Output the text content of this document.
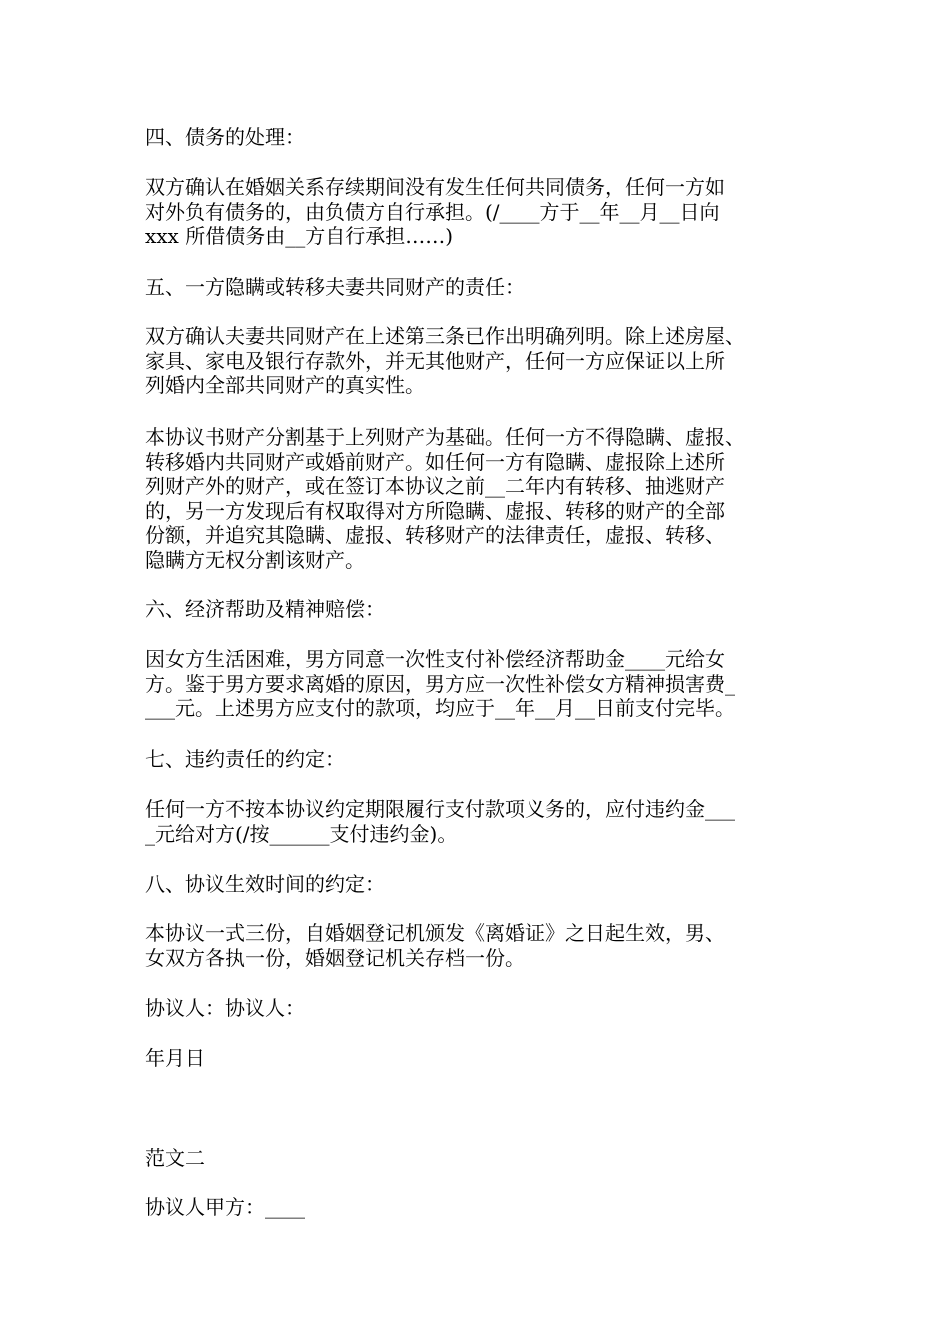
四、债务的处理：
双方确认在婚姻关系存续期间没有发生任何共同债务，任何一方如
对外负有债务的，由负债方自行承担。(/____方于__年__月__日向
xxx 所借债务由__方自行承担……)
五、一方隐瞒或转移夫妻共同财产的责任：
双方确认夫妻共同财产在上述第三条已作出明确列明。除上述房屋、
家具、家电及银行存款外，并无其他财产，任何一方应保证以上所
列婚内全部共同财产的真实性。
本协议书财产分割基于上列财产为基础。任何一方不得隐瞒、虚报、
转移婚内共同财产或婚前财产。如任何一方有隐瞒、虚报除上述所
列财产外的财产，或在签订本协议之前__二年内有转移、抽逃财产
的，另一方发现后有权取得对方所隐瞒、虚报、转移的财产的全部
份额，并追究其隐瞒、虚报、转移财产的法律责任，虚报、转移、
隐瞒方无权分割该财产。
六、经济帮助及精神赔偿：
因女方生活困难，男方同意一次性支付补偿经济帮助金____元给女
方。鉴于男方要求离婚的原因，男方应一次性补偿女方精神损害费_
___元。上述男方应支付的款项，均应于__年__月__日前支付完毕。
七、违约责任的约定：
任何一方不按本协议约定期限履行支付款项义务的，应付违约金___
_元给对方(/按______支付违约金)。
八、协议生效时间的约定：
本协议一式三份，自婚姻登记机颁发《离婚证》之日起生效，男、
女双方各执一份，婚姻登记机关存档一份。
协议人：协议人：
年月日
范文二
协议人甲方：____
